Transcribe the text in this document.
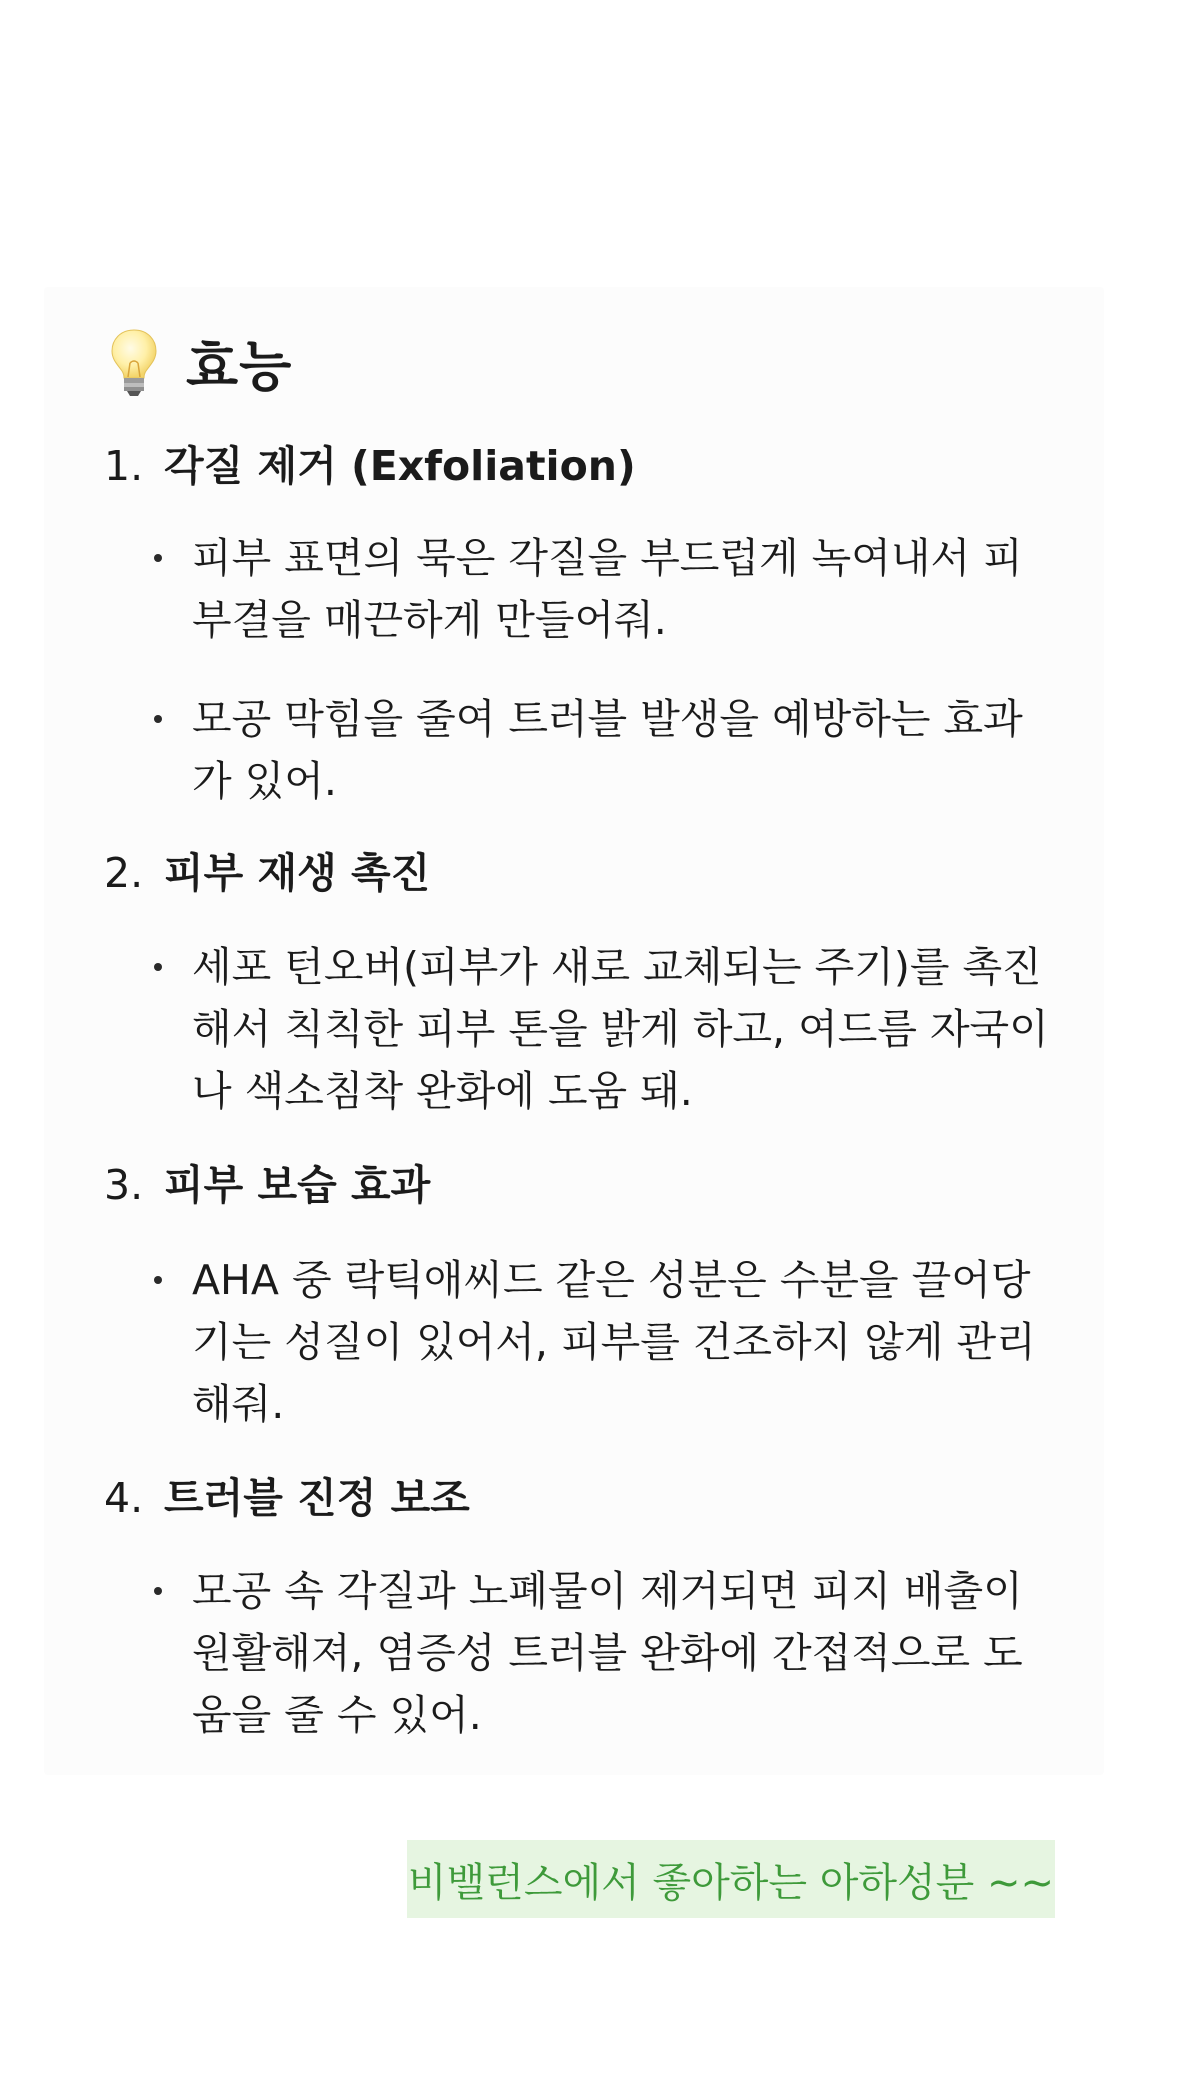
효능
1. 각질 제거 (Exfoliation)
피부 표면의 묵은 각질을 부드럽게 녹여내서 피
부결을 매끈하게 만들어줘.
모공 막힘을 줄여 트러블 발생을 예방하는 효과
가 있어.
2. 피부 재생 촉진
세포 턴오버(피부가 새로 교체되는 주기)를 촉진
해서 칙칙한 피부 톤을 밝게 하고, 여드름 자국이
나 색소침착 완화에 도움 돼.
3. 피부 보습 효과
AHA 중 락틱애씨드 같은 성분은 수분을 끌어당
기는 성질이 있어서, 피부를 건조하지 않게 관리
해줘.
4. 트러블 진정 보조
모공 속 각질과 노폐물이 제거되면 피지 배출이
원활해져, 염증성 트러블 완화에 간접적으로 도
움을 줄 수 있어.
비밸런스에서 좋아하는 아하성분 ~~
